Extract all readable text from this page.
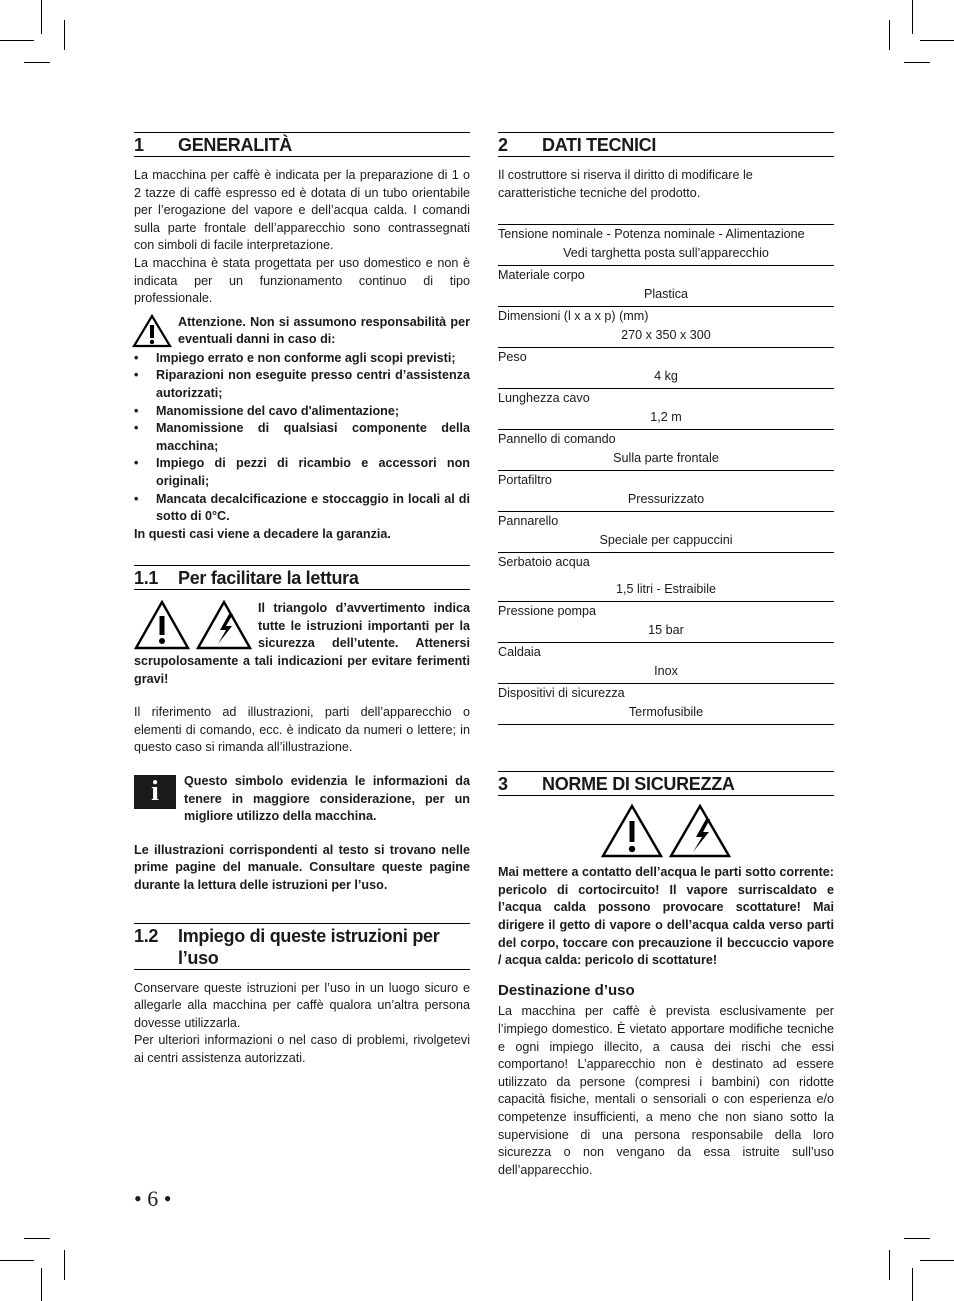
1	GENERALITÀ

La macchina per caffè è indicata per la preparazione di 1 o 2 tazze di caffè espresso ed è dotata di un tubo orientabile per l’erogazione del vapore e dell’acqua calda. I comandi sulla parte frontale dell’apparecchio sono contrassegnati con simboli di facile interpretazione.

La macchina è stata progettata per uso domestico e non è indicata per un funzionamento continuo di tipo professionale.

Attenzione. Non si assumono responsabilità per eventuali danni in caso di:

• Impiego errato e non conforme agli scopi previsti;
• Riparazioni non eseguite presso centri d’assistenza autorizzati;
• Manomissione del cavo d'alimentazione;
• Manomissione di qualsiasi componente della macchina;
• Impiego di pezzi di ricambio e accessori non originali;
• Mancata decalcificazione e stoccaggio in locali al di sotto di 0°C.

In questi casi viene a decadere la garanzia.

1.1	Per facilitare la lettura

Il triangolo d’avvertimento indica tutte le istruzioni importanti per la sicurezza dell’utente. Attenersi scrupolosamente a tali indicazioni per evitare ferimenti gravi!

Il riferimento ad illustrazioni, parti dell’apparecchio o elementi di comando, ecc. è indicato da numeri o lettere; in questo caso si rimanda all’illustrazione.

i	Questo simbolo evidenzia le informazioni da tenere in maggiore considerazione, per un migliore utilizzo della macchina.

Le illustrazioni corrispondenti al testo si trovano nelle prime pagine del manuale. Consultare queste pagine durante la lettura delle istruzioni per l’uso.

1.2	Impiego di queste istruzioni per l’uso

Conservare queste istruzioni per l’uso in un luogo sicuro e allegarle alla macchina per caffè qualora un’altra persona dovesse utilizzarla.

Per ulteriori informazioni o nel caso di problemi, rivolgetevi ai centri assistenza autorizzati.

2	DATI TECNICI

Il costruttore si riserva il diritto di modificare le caratteristiche tecniche del prodotto.

Tensione nominale - Potenza nominale - Alimentazione
Vedi targhetta posta sull’apparecchio
Materiale corpo
Plastica
Dimensioni (l x a x p) (mm)
270 x 350 x 300
Peso
4 kg
Lunghezza cavo
1,2 m
Pannello di comando
Sulla parte frontale
Portafiltro
Pressurizzato
Pannarello
Speciale per cappuccini
Serbatoio acqua
1,5 litri - Estraibile
Pressione pompa
15 bar
Caldaia
Inox
Dispositivi di sicurezza
Termofusibile
3	NORME DI SICUREZZA

Mai mettere a contatto dell’acqua le parti sotto corrente: pericolo di cortocircuito! Il vapore surriscaldato e l’acqua calda possono provocare scottature! Mai dirigere il getto di vapore o dell’acqua calda verso parti del corpo, toccare con precauzione il beccuccio vapore / acqua calda: pericolo di scottature!

Destinazione d’uso

La macchina per caffè è prevista esclusivamente per l’impiego domestico. È vietato apportare modifiche tecniche e ogni impiego illecito, a causa dei rischi che essi comportano! L’apparecchio non è destinato ad essere utilizzato da persone (compresi i bambini) con ridotte capacità fisiche, mentali o sensoriali o con esperienza e/o competenze insufficienti, a meno che non siano sotto la supervisione di una persona responsabile della loro sicurezza o non vengano da essa istruite sull’uso dell’apparecchio.

• 6 •
